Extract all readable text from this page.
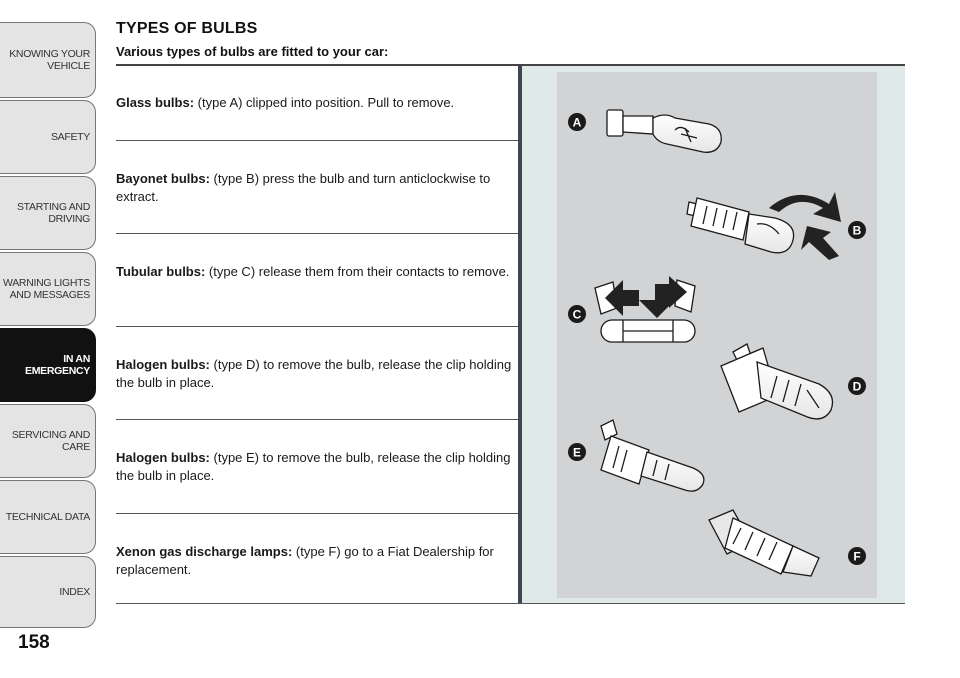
KNOWING YOUR VEHICLE
SAFETY
STARTING AND DRIVING
WARNING LIGHTS AND MESSAGES
IN AN EMERGENCY
SERVICING AND CARE
TECHNICAL DATA
INDEX
158
TYPES OF BULBS
Various types of bulbs are fitted to your car:
Glass bulbs: (type A) clipped into position. Pull to remove.
Bayonet bulbs: (type B) press the bulb and turn anticlockwise to extract.
Tubular bulbs: (type C) release them from their contacts to remove.
Halogen bulbs: (type D) to remove the bulb, release the clip holding the bulb in place.
Halogen bulbs: (type E) to remove the bulb, release the clip holding the bulb in place.
Xenon gas discharge lamps: (type F) go to a Fiat Dealership for replacement.
A
B
C
D
E
F
